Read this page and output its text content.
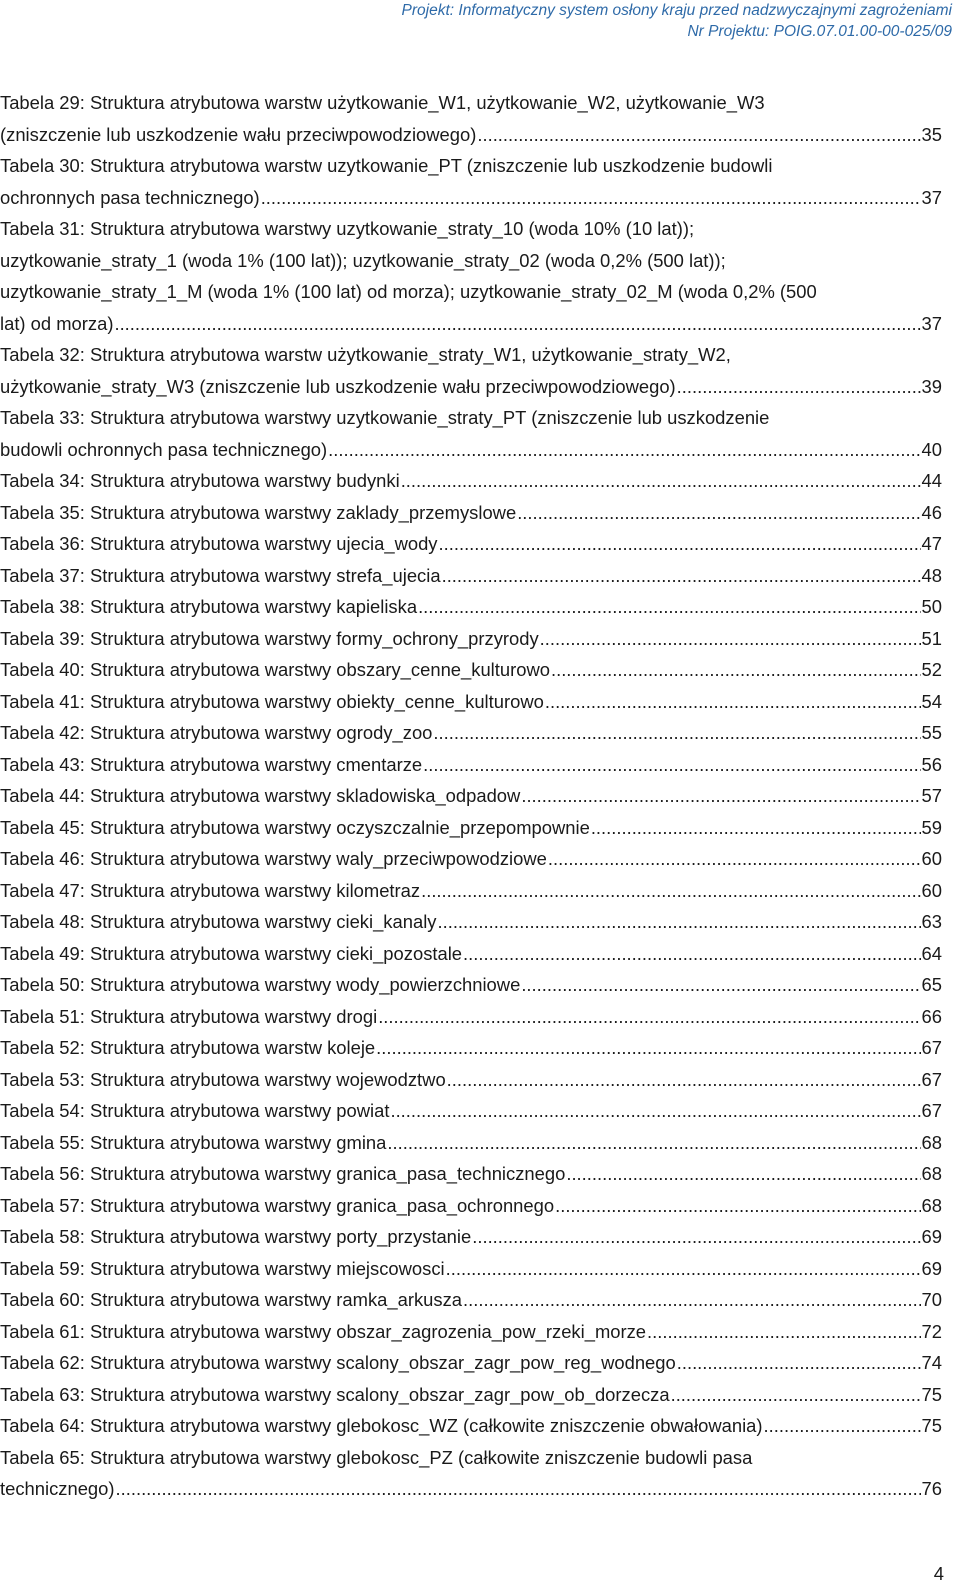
Projekt: Informatyczny system osłony kraju przed nadzwyczajnymi zagrożeniami
Nr Projektu: POIG.07.01.00-00-025/09
Tabela 29: Struktura atrybutowa warstw użytkowanie_W1, użytkowanie_W2, użytkowanie_W3
(zniszczenie lub uszkodzenie wału przeciwpowodziowego) .....	35
Tabela 30: Struktura atrybutowa warstw uzytkowanie_PT (zniszczenie lub uszkodzenie budowli
ochronnych pasa technicznego) .....	37
Tabela 31: Struktura atrybutowa warstwy uzytkowanie_straty_10 (woda 10% (10 lat));
uzytkowanie_straty_1 (woda 1% (100 lat)); uzytkowanie_straty_02 (woda 0,2% (500 lat));
uzytkowanie_straty_1_M (woda 1% (100 lat) od morza); uzytkowanie_straty_02_M (woda 0,2% (500
lat) od morza) .....	37
Tabela 32: Struktura atrybutowa warstw użytkowanie_straty_W1, użytkowanie_straty_W2,
użytkowanie_straty_W3 (zniszczenie lub uszkodzenie wału przeciwpowodziowego) .....	39
Tabela 33: Struktura atrybutowa warstwy uzytkowanie_straty_PT (zniszczenie lub uszkodzenie
budowli ochronnych pasa technicznego) .....	40
Tabela 34: Struktura atrybutowa warstwy budynki .....	44
Tabela 35: Struktura atrybutowa warstwy zaklady_przemyslowe .....	46
Tabela 36: Struktura atrybutowa warstwy ujecia_wody .....	47
Tabela 37: Struktura atrybutowa warstwy strefa_ujecia .....	48
Tabela 38: Struktura atrybutowa warstwy kapieliska .....	50
Tabela 39: Struktura atrybutowa warstwy formy_ochrony_przyrody .....	51
Tabela 40: Struktura atrybutowa warstwy obszary_cenne_kulturowo .....	52
Tabela 41: Struktura atrybutowa warstwy obiekty_cenne_kulturowo .....	54
Tabela 42: Struktura atrybutowa warstwy ogrody_zoo .....	55
Tabela 43: Struktura atrybutowa warstwy cmentarze .....	56
Tabela 44: Struktura atrybutowa warstwy skladowiska_odpadow .....	57
Tabela 45: Struktura atrybutowa warstwy oczyszczalnie_przepompownie .....	59
Tabela 46: Struktura atrybutowa warstwy waly_przeciwpowodziowe .....	60
Tabela 47: Struktura atrybutowa warstwy kilometraz .....	60
Tabela 48: Struktura atrybutowa warstwy cieki_kanaly .....	63
Tabela 49: Struktura atrybutowa warstwy cieki_pozostale .....	64
Tabela 50: Struktura atrybutowa warstwy wody_powierzchniowe .....	65
Tabela 51: Struktura atrybutowa warstwy drogi .....	66
Tabela 52: Struktura atrybutowa warstw koleje .....	67
Tabela 53: Struktura atrybutowa warstwy wojewodztwo .....	67
Tabela 54: Struktura atrybutowa warstwy powiat .....	67
Tabela 55: Struktura atrybutowa warstwy gmina .....	68
Tabela 56: Struktura atrybutowa warstwy granica_pasa_technicznego .....	68
Tabela 57: Struktura atrybutowa warstwy granica_pasa_ochronnego .....	68
Tabela 58: Struktura atrybutowa warstwy porty_przystanie .....	69
Tabela 59: Struktura atrybutowa warstwy miejscowosci .....	69
Tabela 60: Struktura atrybutowa warstwy ramka_arkusza .....	70
Tabela 61: Struktura atrybutowa warstwy obszar_zagrozenia_pow_rzeki_morze .....	72
Tabela 62: Struktura atrybutowa warstwy scalony_obszar_zagr_pow_reg_wodnego .....	74
Tabela 63: Struktura atrybutowa warstwy scalony_obszar_zagr_pow_ob_dorzecza .....	75
Tabela 64: Struktura atrybutowa warstwy glebokosc_WZ (całkowite zniszczenie obwałowania) .....	75
Tabela 65: Struktura atrybutowa warstwy glebokosc_PZ (całkowite zniszczenie budowli pasa
technicznego) .....	76
4
